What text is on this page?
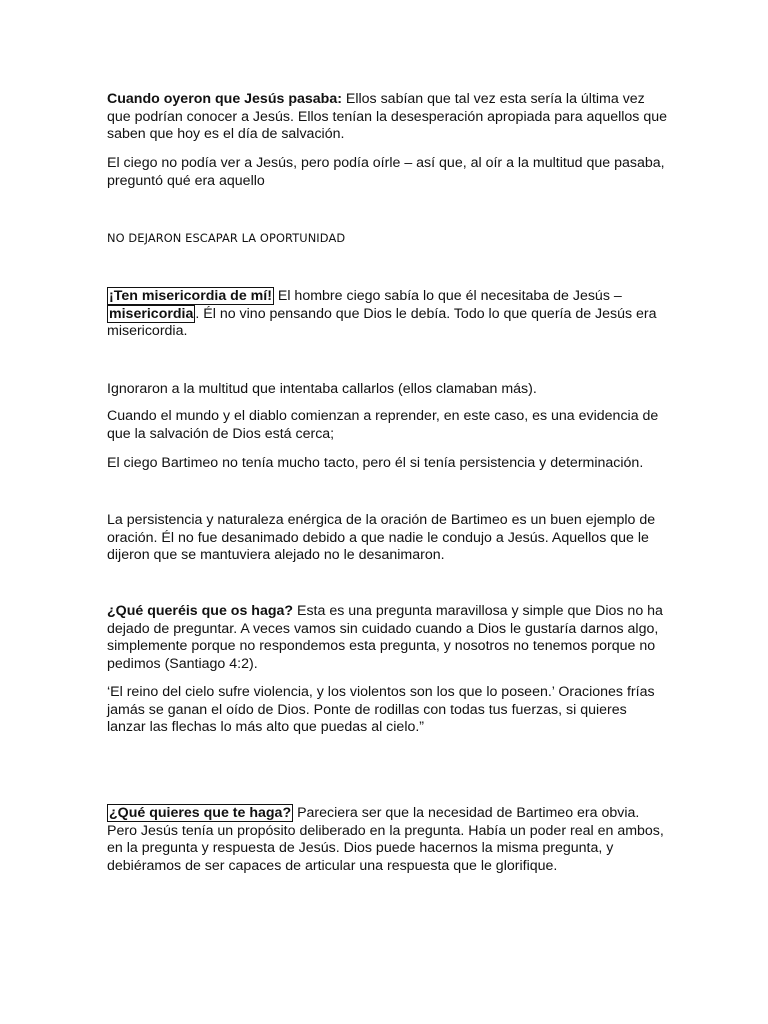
Cuando oyeron que Jesús pasaba: Ellos sabían que tal vez esta sería la última vez que podrían conocer a Jesús. Ellos tenían la desesperación apropiada para aquellos que saben que hoy es el día de salvación.

El ciego no podía ver a Jesús, pero podía oírle – así que, al oír a la multitud que pasaba, preguntó qué era aquello

NO DEJARON ESCAPAR LA OPORTUNIDAD

¡Ten misericordia de mí! El hombre ciego sabía lo que él necesitaba de Jesús – misericordia . Él no vino pensando que Dios le debía. Todo lo que quería de Jesús era misericordia.

Ignoraron a la multitud que intentaba callarlos (ellos clamaban más).

Cuando el mundo y el diablo comienzan a reprender, en este caso, es una evidencia de que la salvación de Dios está cerca;

El ciego Bartimeo no tenía mucho tacto, pero él si tenía persistencia y determinación.

La persistencia y naturaleza enérgica de la oración de Bartimeo es un buen ejemplo de oración. Él no fue desanimado debido a que nadie le condujo a Jesús. Aquellos que le dijeron que se mantuviera alejado no le desanimaron.

¿Qué queréis que os haga? Esta es una pregunta maravillosa y simple que Dios no ha dejado de preguntar. A veces vamos sin cuidado cuando a Dios le gustaría darnos algo, simplemente porque no respondemos esta pregunta, y nosotros no tenemos porque no pedimos (Santiago 4:2).

‘El reino del cielo sufre violencia, y los violentos son los que lo poseen.’ Oraciones frías jamás se ganan el oído de Dios. Ponte de rodillas con todas tus fuerzas, si quieres lanzar las flechas lo más alto que puedas al cielo.”

¿Qué quieres que te haga? Pareciera ser que la necesidad de Bartimeo era obvia. Pero Jesús tenía un propósito deliberado en la pregunta. Había un poder real en ambos, en la pregunta y respuesta de Jesús. Dios puede hacernos la misma pregunta, y debiéramos de ser capaces de articular una respuesta que le glorifique.
